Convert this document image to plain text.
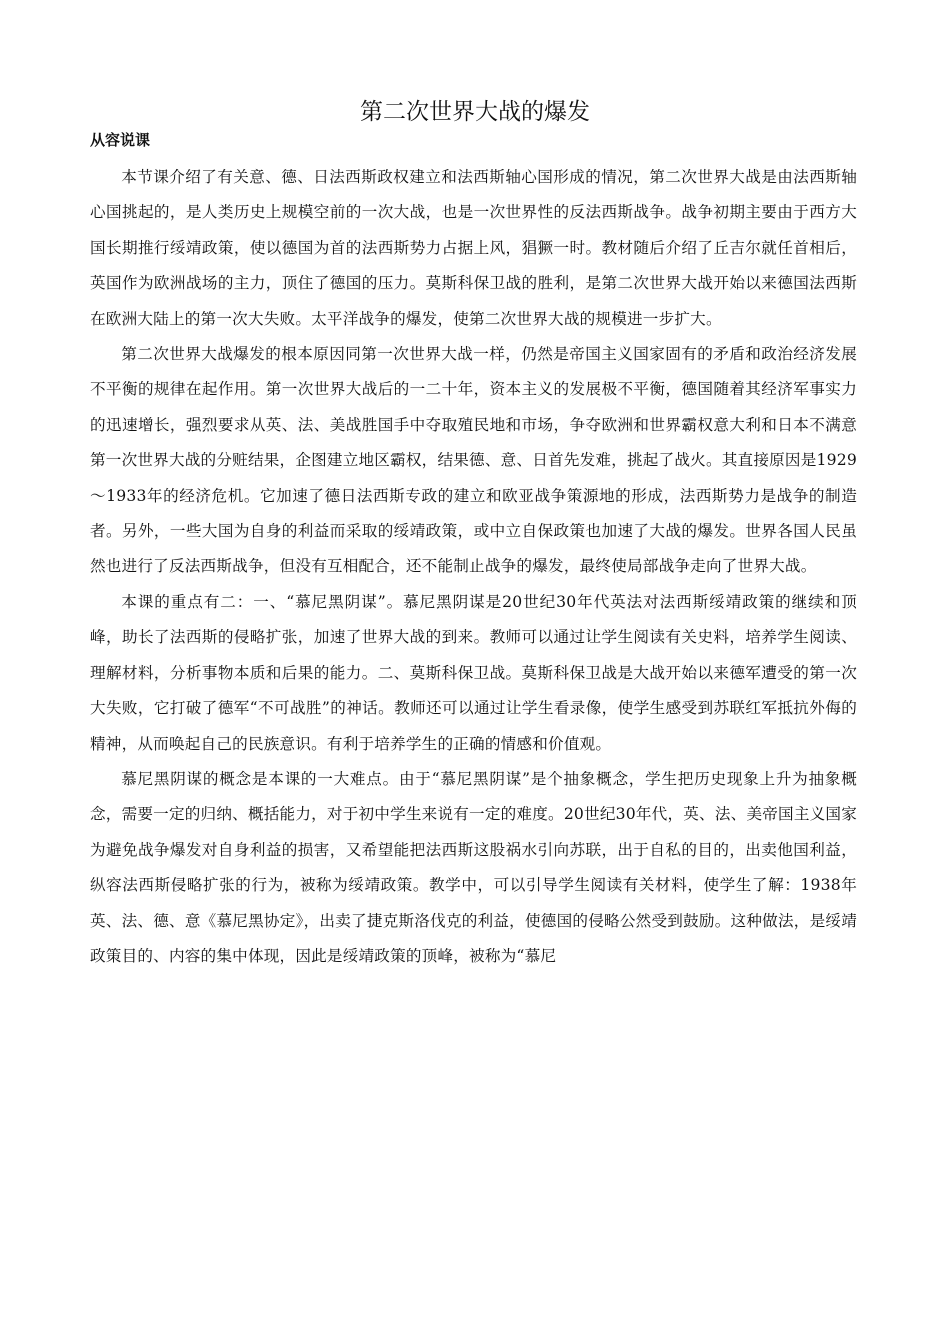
第二次世界大战的爆发
从容说课

本节课介绍了有关意、德、日法西斯政权建立和法西斯轴心国形成的情况，第二次世界大战是由法西斯轴心国挑起的，是人类历史上规模空前的一次大战，也是一次世界性的反法西斯战争。战争初期主要由于西方大国长期推行绥靖政策，使以德国为首的法西斯势力占据上风，猖獗一时。教材随后介绍了丘吉尔就任首相后，英国作为欧洲战场的主力，顶住了德国的压力。莫斯科保卫战的胜利，是第二次世界大战开始以来德国法西斯在欧洲大陆上的第一次大失败。太平洋战争的爆发，使第二次世界大战的规模进一步扩大。

第二次世界大战爆发的根本原因同第一次世界大战一样，仍然是帝国主义国家固有的矛盾和政治经济发展不平衡的规律在起作用。第一次世界大战后的一二十年，资本主义的发展极不平衡，德国随着其经济军事实力的迅速增长，强烈要求从英、法、美战胜国手中夺取殖民地和市场，争夺欧洲和世界霸权意大利和日本不满意第一次世界大战的分赃结果，企图建立地区霸权，结果德、意、日首先发难，挑起了战火。其直接原因是1929～1933年的经济危机。它加速了德日法西斯专政的建立和欧亚战争策源地的形成，法西斯势力是战争的制造者。另外，一些大国为自身的利益而采取的绥靖政策，或中立自保政策也加速了大战的爆发。世界各国人民虽然也进行了反法西斯战争，但没有互相配合，还不能制止战争的爆发，最终使局部战争走向了世界大战。

本课的重点有二：一、“慕尼黑阴谋”。慕尼黑阴谋是20世纪30年代英法对法西斯绥靖政策的继续和顶峰，助长了法西斯的侵略扩张，加速了世界大战的到来。教师可以通过让学生阅读有关史料，培养学生阅读、理解材料，分析事物本质和后果的能力。二、莫斯科保卫战。莫斯科保卫战是大战开始以来德军遭受的第一次大失败，它打破了德军“不可战胜”的神话。教师还可以通过让学生看录像，使学生感受到苏联红军抵抗外侮的精神，从而唤起自己的民族意识。有利于培养学生的正确的情感和价值观。

慕尼黑阴谋的概念是本课的一大难点。由于“慕尼黑阴谋”是个抽象概念，学生把历史现象上升为抽象概念，需要一定的归纳、概括能力，对于初中学生来说有一定的难度。20世纪30年代，英、法、美帝国主义国家为避免战争爆发对自身利益的损害，又希望能把法西斯这股祸水引向苏联，出于自私的目的，出卖他国利益，纵容法西斯侵略扩张的行为，被称为绥靖政策。教学中，可以引导学生阅读有关材料，使学生了解：1938年英、法、德、意《慕尼黑协定》，出卖了捷克斯洛伐克的利益，使德国的侵略公然受到鼓励。这种做法，是绥靖政策目的、内容的集中体现，因此是绥靖政策的顶峰，被称为“慕尼
